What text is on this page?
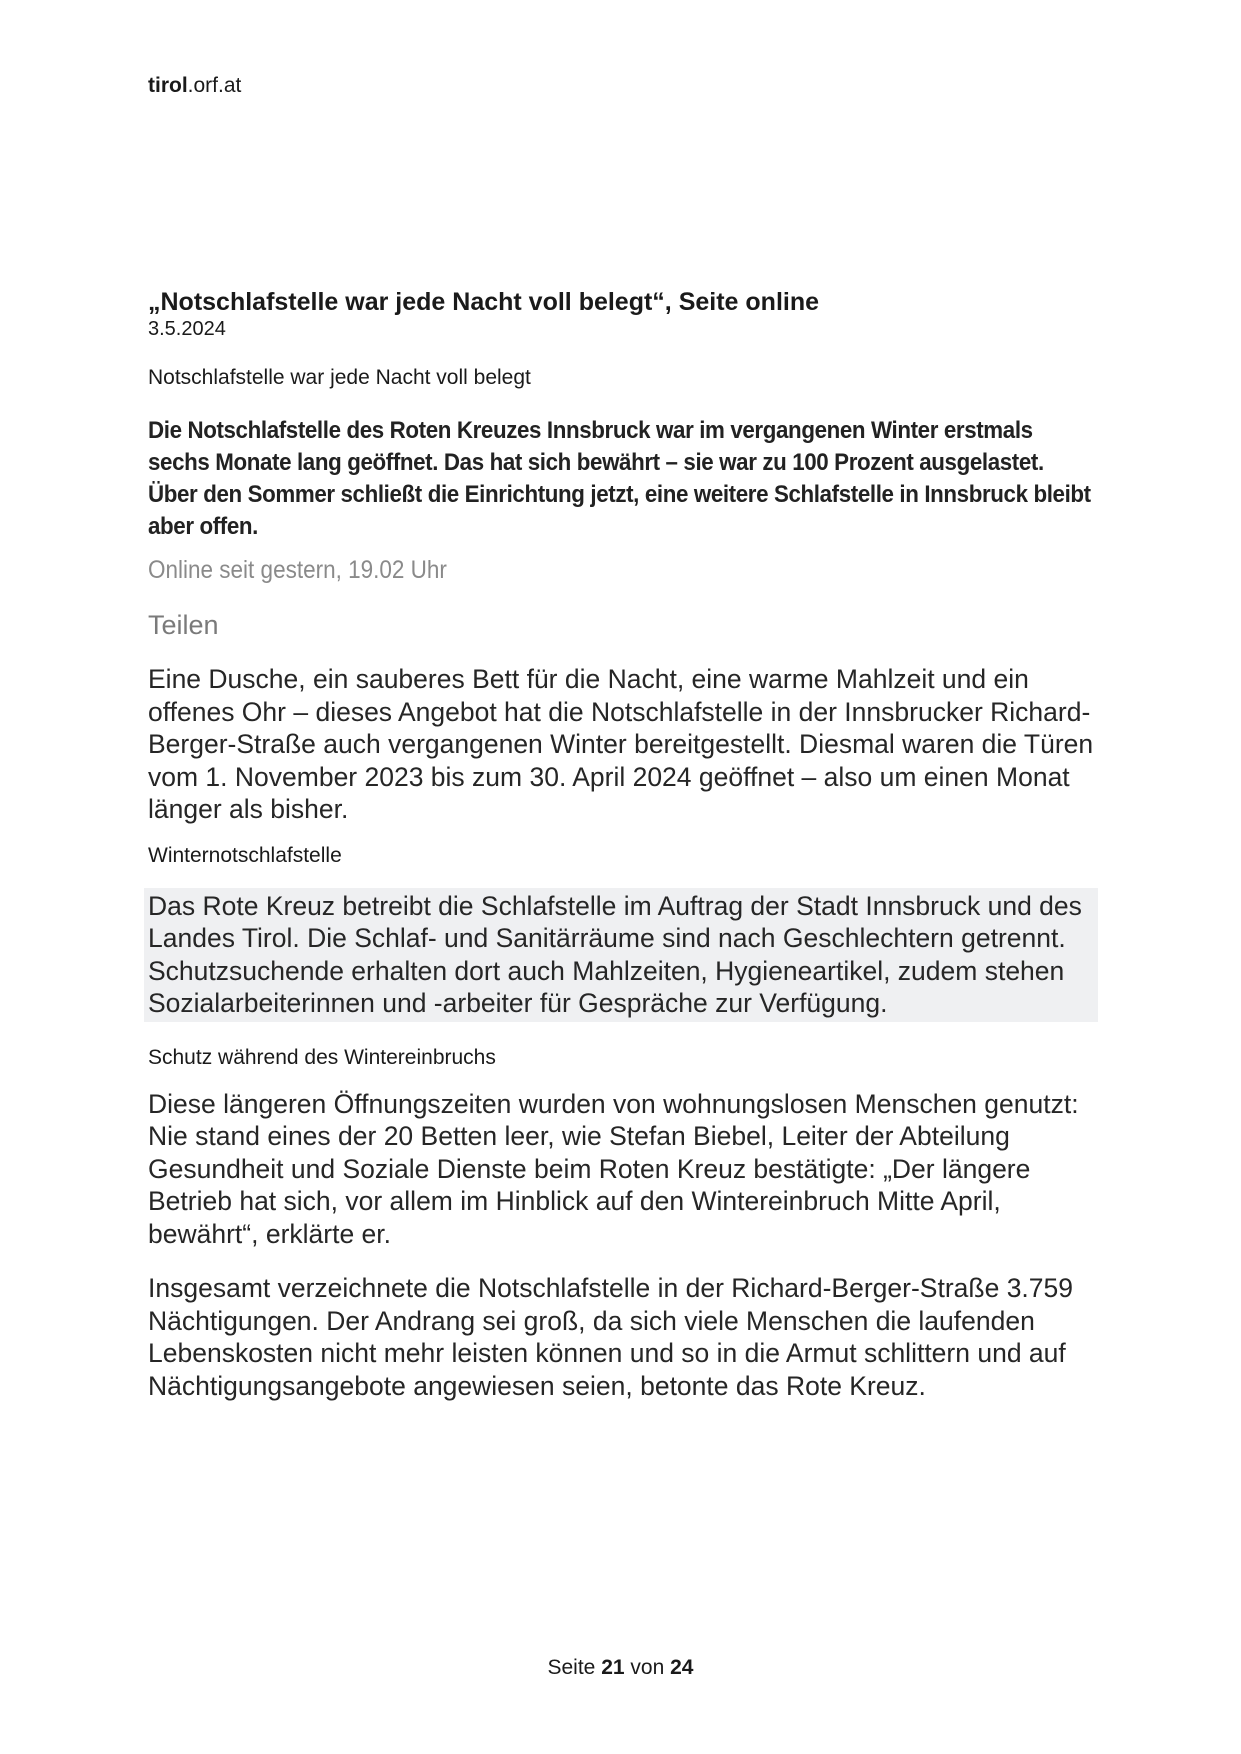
tirol.orf.at
„Notschlafstelle war jede Nacht voll belegt“, Seite online

3.5.2024

Notschlafstelle war jede Nacht voll belegt

Die Notschlafstelle des Roten Kreuzes Innsbruck war im vergangenen Winter erstmals sechs Monate lang geöffnet. Das hat sich bewährt – sie war zu 100 Prozent ausgelastet. Über den Sommer schließt die Einrichtung jetzt, eine weitere Schlafstelle in Innsbruck bleibt aber offen.

Online seit gestern, 19.02 Uhr

Teilen

Eine Dusche, ein sauberes Bett für die Nacht, eine warme Mahlzeit und ein offenes Ohr – dieses Angebot hat die Notschlafstelle in der Innsbrucker Richard-Berger-Straße auch vergangenen Winter bereitgestellt. Diesmal waren die Türen vom 1. November 2023 bis zum 30. April 2024 geöffnet – also um einen Monat länger als bisher.

Winternotschlafstelle

Das Rote Kreuz betreibt die Schlafstelle im Auftrag der Stadt Innsbruck und des Landes Tirol. Die Schlaf- und Sanitärräume sind nach Geschlechtern getrennt. Schutzsuchende erhalten dort auch Mahlzeiten, Hygieneartikel, zudem stehen Sozialarbeiterinnen und -arbeiter für Gespräche zur Verfügung.

Schutz während des Wintereinbruchs

Diese längeren Öffnungszeiten wurden von wohnungslosen Menschen genutzt: Nie stand eines der 20 Betten leer, wie Stefan Biebel, Leiter der Abteilung Gesundheit und Soziale Dienste beim Roten Kreuz bestätigte: „Der längere Betrieb hat sich, vor allem im Hinblick auf den Wintereinbruch Mitte April, bewährt“, erklärte er.

Insgesamt verzeichnete die Notschlafstelle in der Richard-Berger-Straße 3.759 Nächtigungen. Der Andrang sei groß, da sich viele Menschen die laufenden Lebenskosten nicht mehr leisten können und so in die Armut schlittern und auf Nächtigungsangebote angewiesen seien, betonte das Rote Kreuz.

Seite 21 von 24
